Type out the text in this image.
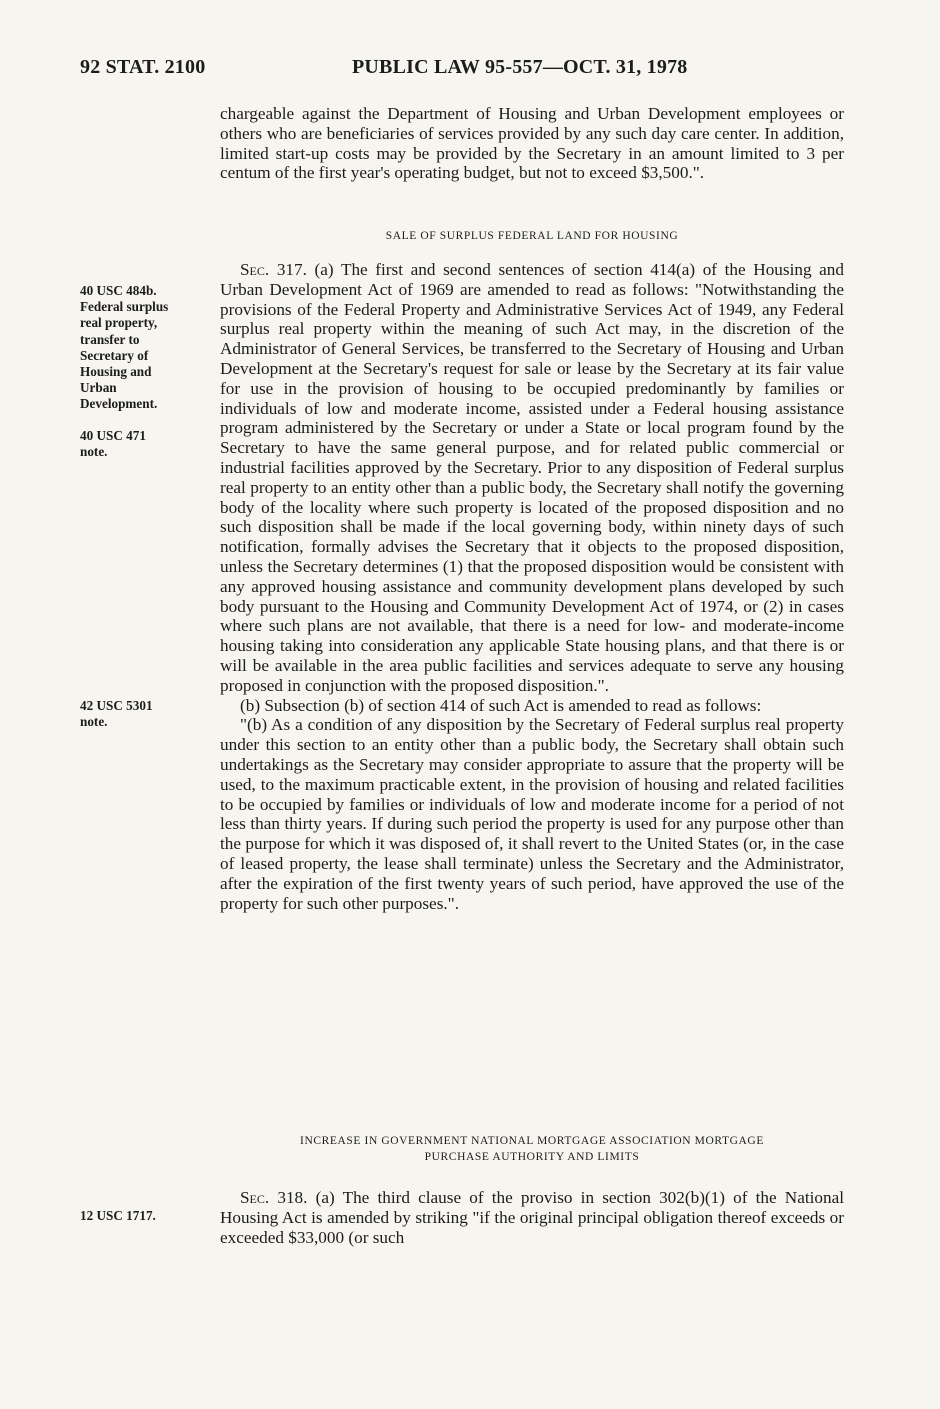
92 STAT. 2100	PUBLIC LAW 95-557—OCT. 31, 1978

chargeable against the Department of Housing and Urban Development employees or others who are beneficiaries of services provided by any such day care center. In addition, limited start-up costs may be provided by the Secretary in an amount limited to 3 per centum of the first year's operating budget, but not to exceed $3,500.".

SALE OF SURPLUS FEDERAL LAND FOR HOUSING

Sec. 317. (a) The first and second sentences of section 414(a) of the Housing and Urban Development Act of 1969 are amended to read as follows: "Notwithstanding the provisions of the Federal Property and Administrative Services Act of 1949, any Federal surplus real property within the meaning of such Act may, in the discretion of the Administrator of General Services, be transferred to the Secretary of Housing and Urban Development at the Secretary's request for sale or lease by the Secretary at its fair value for use in the provision of housing to be occupied predominantly by families or individuals of low and moderate income, assisted under a Federal housing assistance program administered by the Secretary or under a State or local program found by the Secretary to have the same general purpose, and for related public commercial or industrial facilities approved by the Secretary. Prior to any disposition of Federal surplus real property to an entity other than a public body, the Secretary shall notify the governing body of the locality where such property is located of the proposed disposition and no such disposition shall be made if the local governing body, within ninety days of such notification, formally advises the Secretary that it objects to the proposed disposition, unless the Secretary determines (1) that the proposed disposition would be consistent with any approved housing assistance and community development plans developed by such body pursuant to the Housing and Community Development Act of 1974, or (2) in cases where such plans are not available, that there is a need for low- and moderate-income housing taking into consideration any applicable State housing plans, and that there is or will be available in the area public facilities and services adequate to serve any housing proposed in conjunction with the proposed disposition.".

(b) Subsection (b) of section 414 of such Act is amended to read as follows:

"(b) As a condition of any disposition by the Secretary of Federal surplus real property under this section to an entity other than a public body, the Secretary shall obtain such undertakings as the Secretary may consider appropriate to assure that the property will be used, to the maximum practicable extent, in the provision of housing and related facilities to be occupied by families or individuals of low and moderate income for a period of not less than thirty years. If during such period the property is used for any purpose other than the purpose for which it was disposed of, it shall revert to the United States (or, in the case of leased property, the lease shall terminate) unless the Secretary and the Administrator, after the expiration of the first twenty years of such period, have approved the use of the property for such other purposes.".

INCREASE IN GOVERNMENT NATIONAL MORTGAGE ASSOCIATION MORTGAGE
PURCHASE AUTHORITY AND LIMITS

Sec. 318. (a) The third clause of the proviso in section 302(b)(1) of the National Housing Act is amended by striking "if the original principal obligation thereof exceeds or exceeded $33,000 (or such

40 USC 484b.
Federal surplus
real property,
transfer to
Secretary of
Housing and
Urban
Development.
40 USC 471
note.
42 USC 5301
note.
12 USC 1717.
